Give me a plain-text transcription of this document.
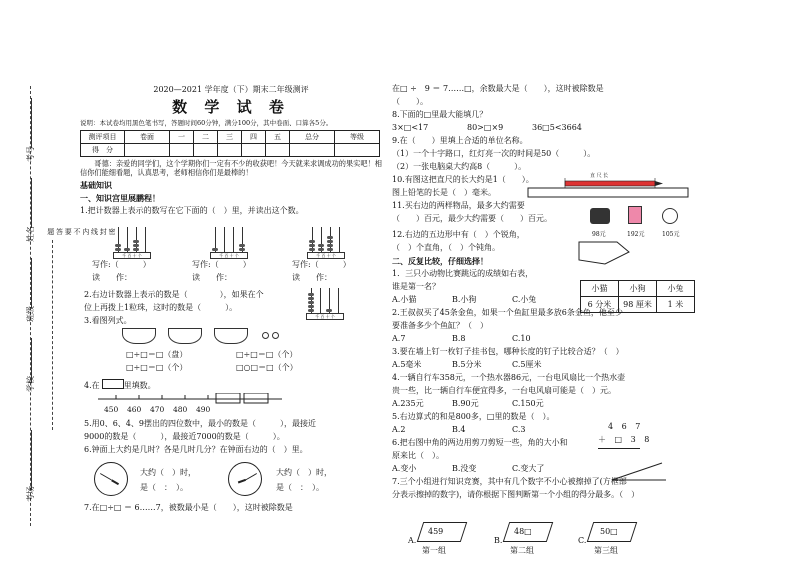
考号
姓名
班级
学校
考场
密
封
线
内
不
要
答
题
2020—2021 学年度（下）期末二年级测评
数 学 试 卷
说明：本试卷均用黑色笔书写，答题时间60分钟，满分100分，其中卷面、口算各5分。
测评项目	卷面	一	二	三	四	五	总分	等级
得　分								
　　哥德：亲爱的同学们，这个学期你们一定有不少的收获吧！今天就来求调成功的果实吧！相信你们能细看题，认真思考，老师相信你们是最棒的！
基础知识
一、知识宫里展鹏程！
1.把计数器上表示的数写在它下面的（　）里，并读出这个数。
千 百 十 个	千 百 十 个	千 百 十 个
写作:（　　　）	写作:（　　　）	写作:（　　　）
读　　作：	读　　作：	读　　作：
2.右边计数器上表示的数是（　　　　），如果在个
位上再拨上1粒珠，这时的数是（　　　）。
3.看图列式。	千 百 十 个
□÷□＝□（盘）	□÷□＝□（个）
□÷□＝□（个）	□○□＝□（个）
4.在　　　里填数。
450 460 470 480 490
5.用0、6、4、9摆出的四位数中，最小的数是（　　　），最接近
9000的数是（　　　），最接近7000的数是（　　　）。
6.钟面上大约是几时？各是几时几分？在钟面右边的（　）里。
大约（　）时，
是（　：　）。
大约（　）时，
是（　：　）。
7.在□÷□ ＝ 6……7，被数最小是（　　），这时被除数是
在□ ÷　9 ＝ 7……□，余数最大是（　　），这时被除数是
（　　）。
8.下面的□里最大能填几？
3×□<17	80>□×9	36□5<3664
9.在（　　）里填上合适的单位名称。
（1）一个十字路口，红灯亮一次的时间是50（　　　）。
（2）一张电脑桌大约高8（　　　）。
10.有图这把直尺的长大约是1（　　）。
图上铅笔的长是（　）毫米。
11.买右边的两样物品，最多大约需要
（　　）百元，最少大约需要（　　）百元。
12.右边的五边形中有（　）个锐角，
（　）个直角，（　）个钝角。
二、反复比较，仔细选择！
1．三只小动物比赛跳远的成绩如右表，
谁是第一名？
A.小猫	B.小狗	C.小兔
2.王叔叔买了45条金鱼，如果一个鱼缸里最多放6条金鱼，他至少
要准备多少个鱼缸？（　）
A.7	B.8	C.10
3.要在墙上钉一枚钉子挂书包，哪种长度的钉子比较合适？（　）
A.5毫米	B.5分米	C.5厘米
4.一辆自行车358元，一个热水器86元，一台电风扇比一个热水壶
贵一些，比一辆自行车便宜得多，一台电风扇可能是（　）元。
A.235元	B.90元	C.150元
5.右边算式的和是800多，□里的数是（　）。
A.2	B.4	C.3
6.把右图中角的两边用剪刀剪短一些，角的大小和
原来比（　）。
A.变小	B.没变	C.变大了
7.三个小组进行知识竞赛，其中有几个数字不小心被擦掉了(方框部
分表示擦掉的数字)，请你根据下图判断第一个小组的得分最多。（　）
直 尺 长
98元	192元	105元
小猫	小狗	小兔
6 分米	98 厘米	1 米
4 6 7
＋ □ 3 8
459	48□	50□
A.	B.	C.
第一组	第二组	第三组
